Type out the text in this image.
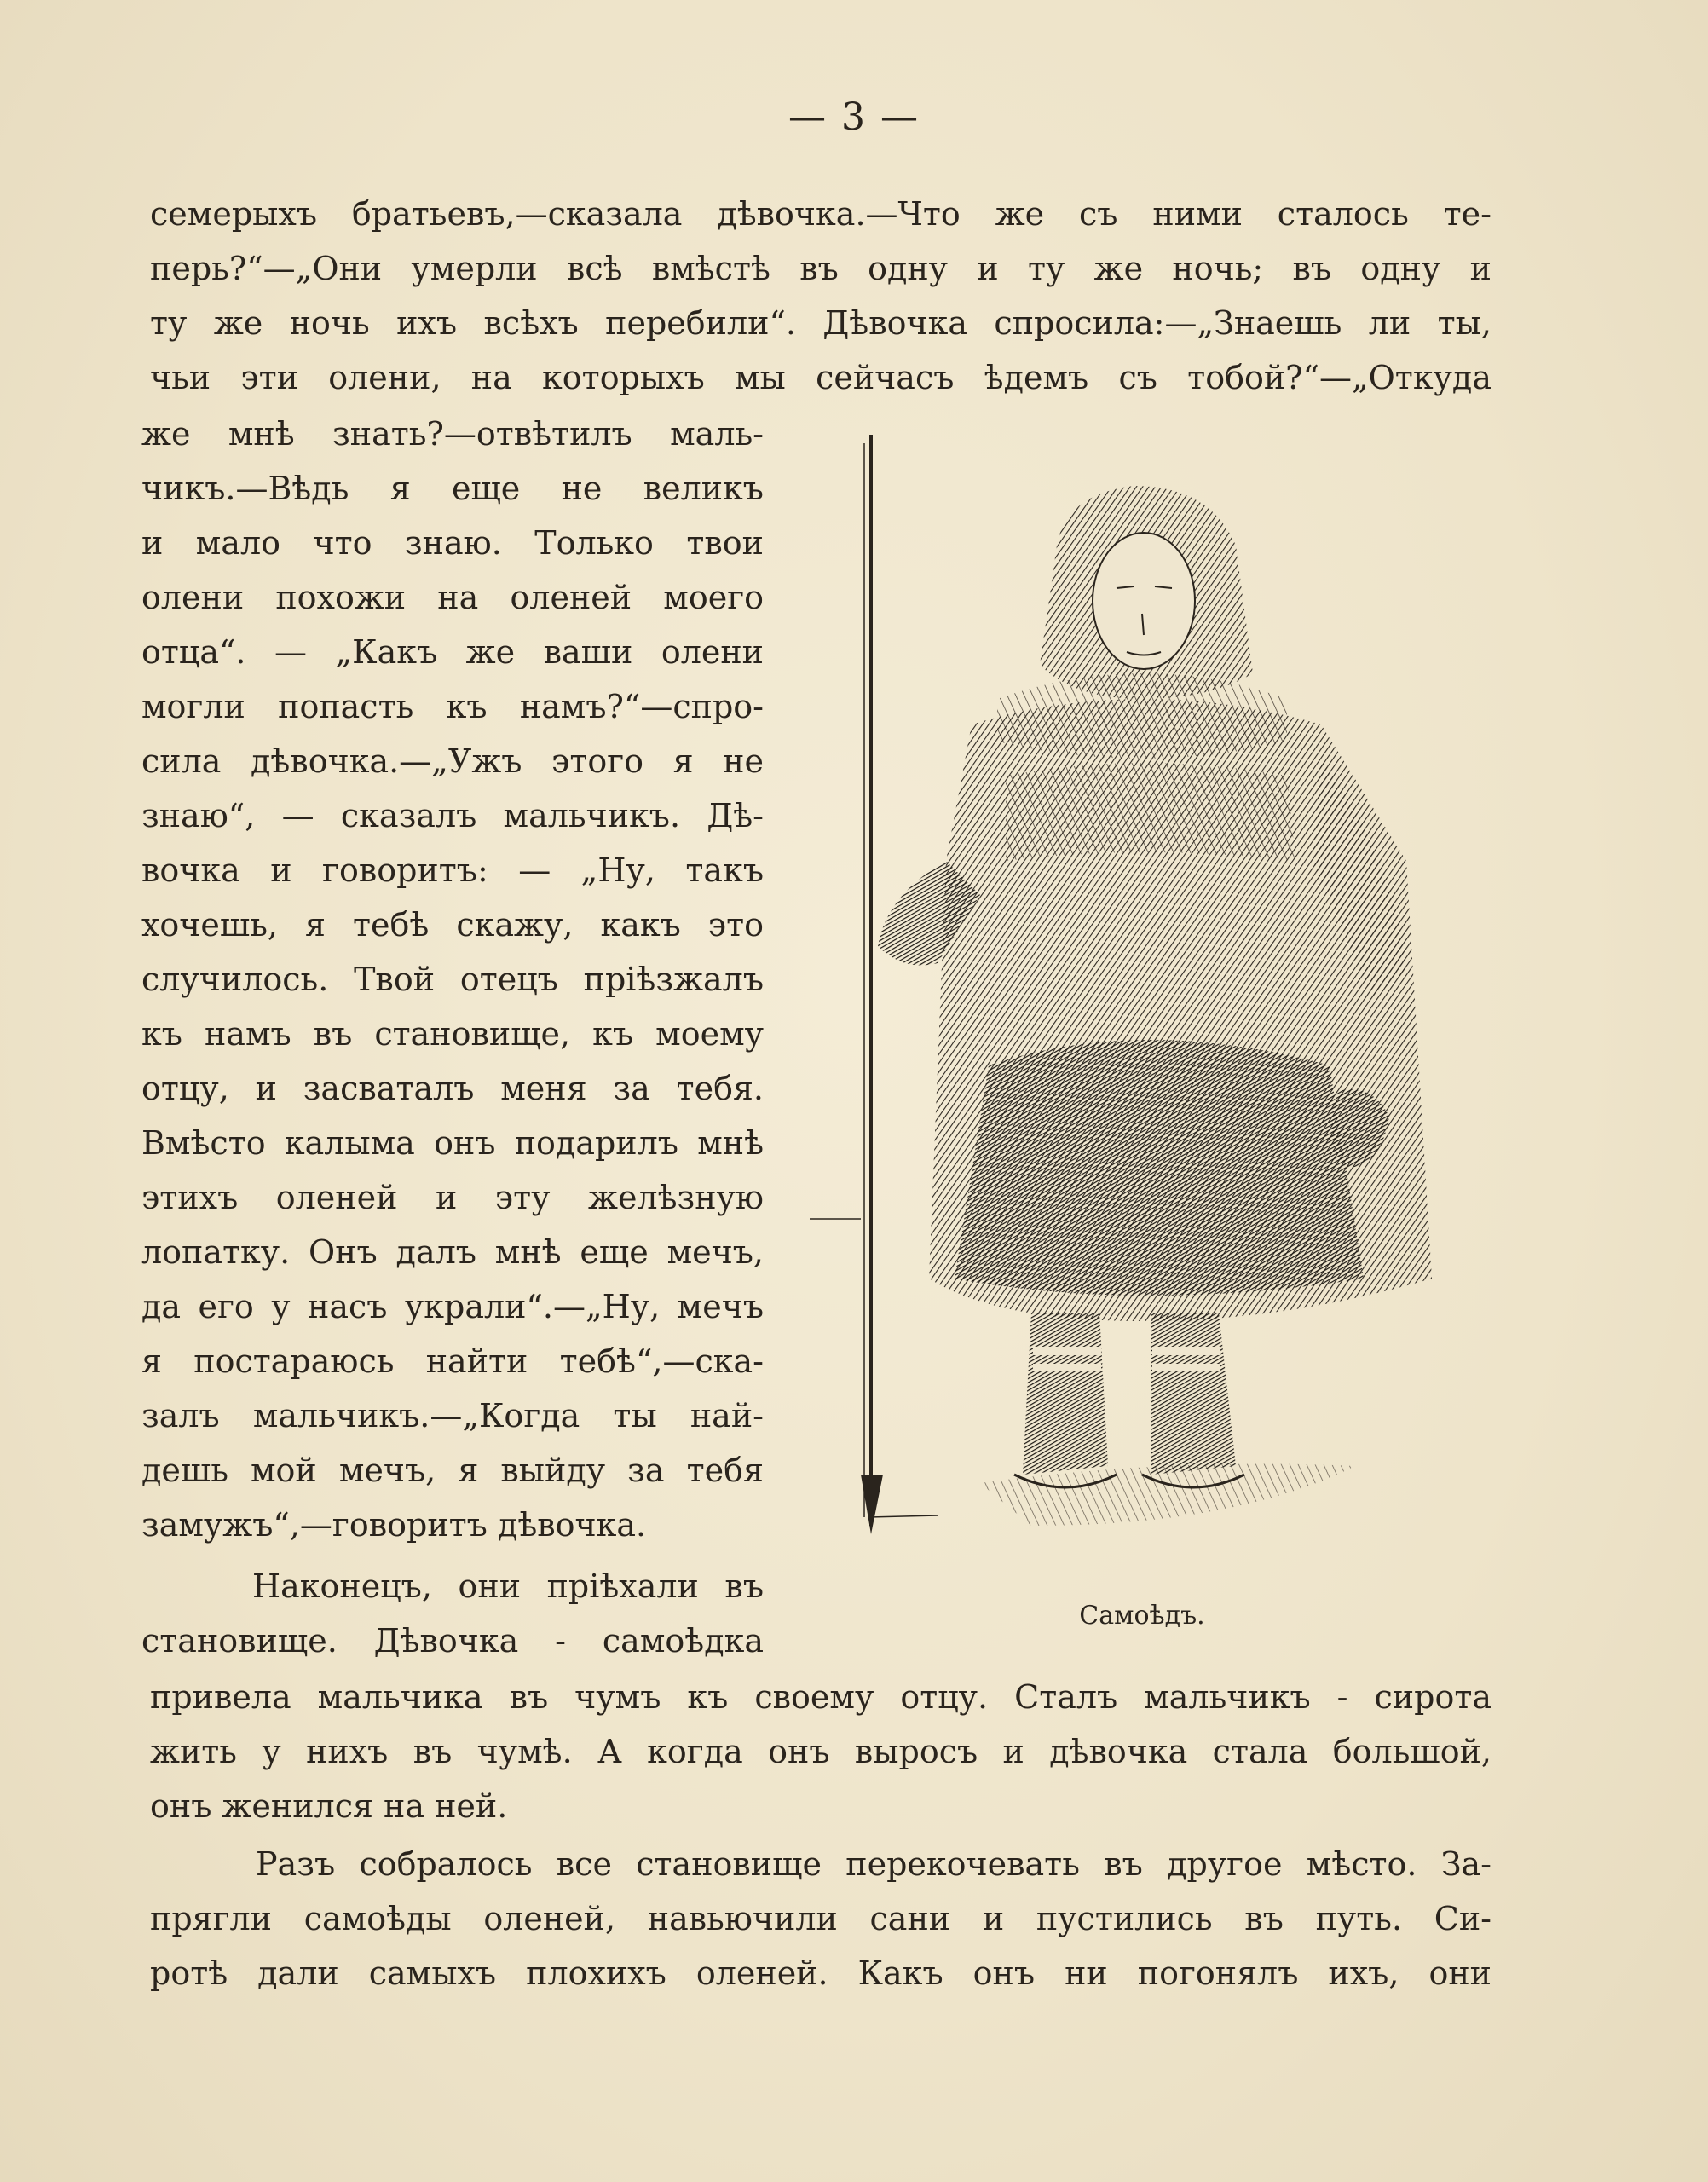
— 3 —
семерыхъ братьевъ,—сказала дѣвочка.—Что же съ ними сталось те-
перь?“—„Они умерли всѣ вмѣстѣ въ одну и ту же ночь; въ одну и
ту же ночь ихъ всѣхъ перебили“. Дѣвочка спросила:—„Знаешь ли ты,
чьи эти олени, на которыхъ мы сейчасъ ѣдемъ съ тобой?“—„Откуда
же мнѣ знать?—отвѣтилъ маль-
чикъ.—Вѣдь я еще не великъ
и мало что знаю. Только твои
олени похожи на оленей моего
отца“. — „Какъ же ваши олени
могли попасть къ намъ?“—спро-
сила дѣвочка.—„Ужъ этого я не
знаю“, — сказалъ мальчикъ. Дѣ-
вочка и говоритъ: — „Ну, такъ
хочешь, я тебѣ скажу, какъ это
случилось. Твой отецъ пріѣзжалъ
къ намъ въ становище, къ моему
отцу, и засваталъ меня за тебя.
Вмѣсто калыма онъ подарилъ мнѣ
этихъ оленей и эту желѣзную
лопатку. Онъ далъ мнѣ еще мечъ,
да его у насъ украли“.—„Ну, мечъ
я постараюсь найти тебѣ“,—ска-
залъ мальчикъ.—„Когда ты най-
дешь мой мечъ, я выйду за тебя
замужъ“,—говоритъ дѣвочка.
Наконецъ, они пріѣхали въ
становище. Дѣвочка - самоѣдка
привела мальчика въ чумъ къ своему отцу. Сталъ мальчикъ - сирота
жить у нихъ въ чумѣ. А когда онъ выросъ и дѣвочка стала большой,
онъ женился на ней.
Разъ собралось все становище перекочевать въ другое мѣсто. За-
прягли самоѣды оленей, навьючили сани и пустились въ путь. Си-
ротѣ дали самыхъ плохихъ оленей. Какъ онъ ни погонялъ ихъ, они
Самоѣдъ.
